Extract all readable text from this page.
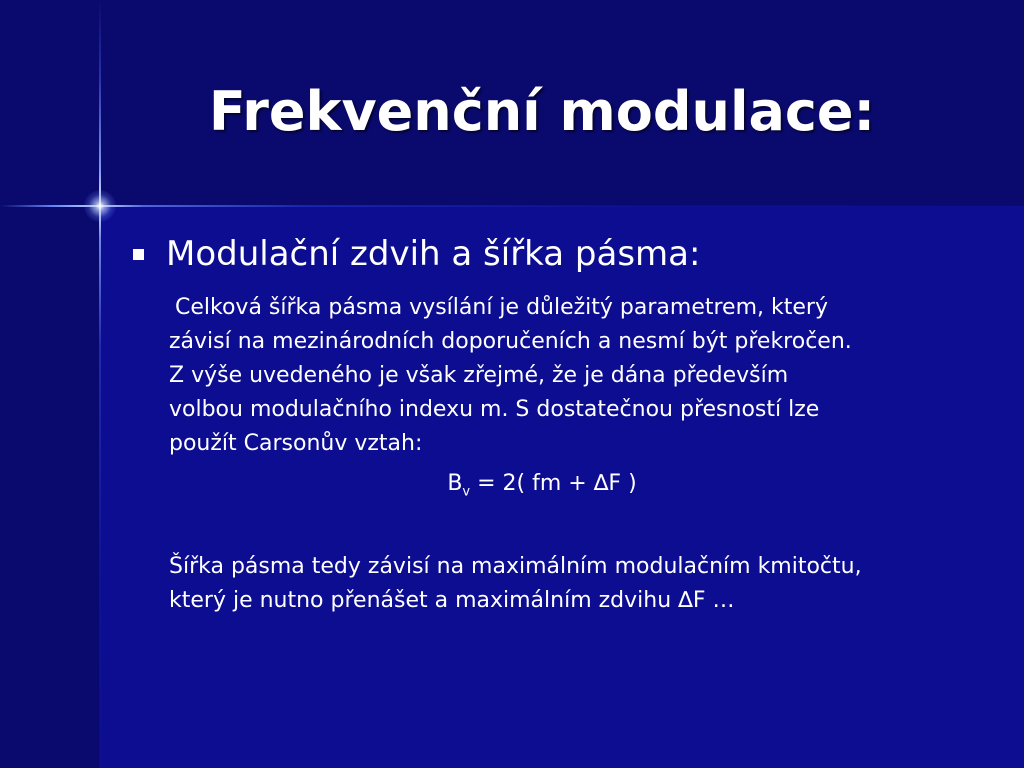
Frekvenční modulace:
Modulační zdvih a šířka pásma:
Celková šířka pásma vysílání je důležitý parametrem, který
závisí na mezinárodních doporučeních a nesmí být překročen.
Z výše uvedeného je však zřejmé, že je dána především
volbou modulačního indexu m. S dostatečnou přesností lze
použít Carsonův vztah:
$B_v = 2$( fm + ∆F )
Šířka pásma tedy závisí na maximálním modulačním kmitočtu,
který je nutno přenášet a maximálním zdvihu ∆F …
